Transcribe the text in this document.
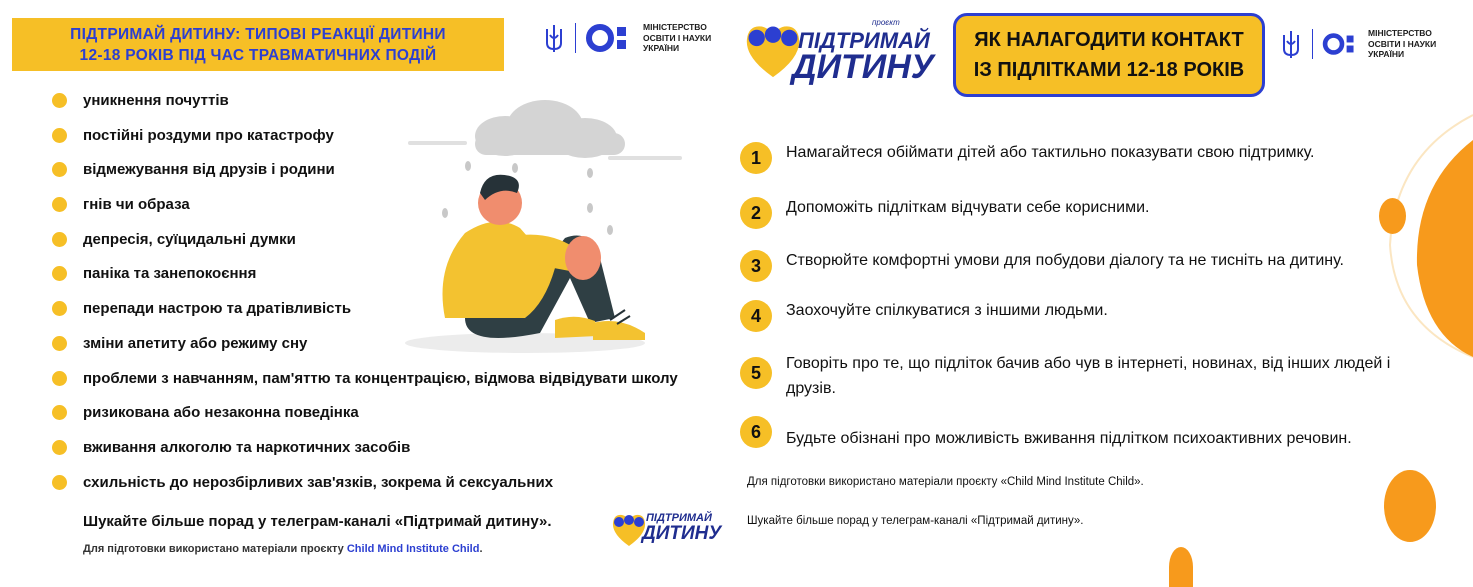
ПІДТРИМАЙ ДИТИНУ: ТИПОВІ РЕАКЦІЇ ДИТИНИ
12-18 РОКІВ ПІД ЧАС ТРАВМАТИЧНИХ ПОДІЙ
МІНІСТЕРСТВО
ОСВІТИ І НАУКИ
УКРАЇНИ
уникнення почуттів
постійні роздуми про катастрофу
відмежування від друзів і родини
гнів чи образа
депресія, суїцидальні думки
паніка та занепокоєння
перепади настрою та дратівливість
зміни апетиту або режиму сну
проблеми з навчанням, пам'яттю та концентрацією, відмова відвідувати школу
ризикована або незаконна поведінка
вживання алкоголю та наркотичних засобів
схильність до нерозбірливих зав'язків, зокрема й сексуальних
Шукайте більше порад у телеграм-каналі «Підтримай дитину».
Для підготовки використано матеріали проєкту Child Mind Institute Child.
ПІДТРИМАЙ
ДИТИНУ
проєкт
ПІДТРИМАЙ
ДИТИНУ
ЯК НАЛАГОДИТИ КОНТАКТ
ІЗ ПІДЛІТКАМИ 12-18 РОКІВ
МІНІСТЕРСТВО
ОСВІТИ І НАУКИ
УКРАЇНИ
1	Намагайтеся обіймати дітей або тактильно показувати свою підтримку.
2	Допоможіть підліткам відчувати себе корисними.
3	Створюйте комфортні умови для побудови діалогу та не тисніть на дитину.
4	Заохочуйте спілкуватися з іншими людьми.
5	Говоріть про те, що підліток бачив або чув в інтернеті, новинах, від інших людей і друзів.
6	Будьте обізнані про можливість вживання підлітком психоактивних речовин.
Для підготовки використано матеріали проєкту «Child Mind Institute Child».
Шукайте більше порад у телеграм-каналі «Підтримай дитину».
